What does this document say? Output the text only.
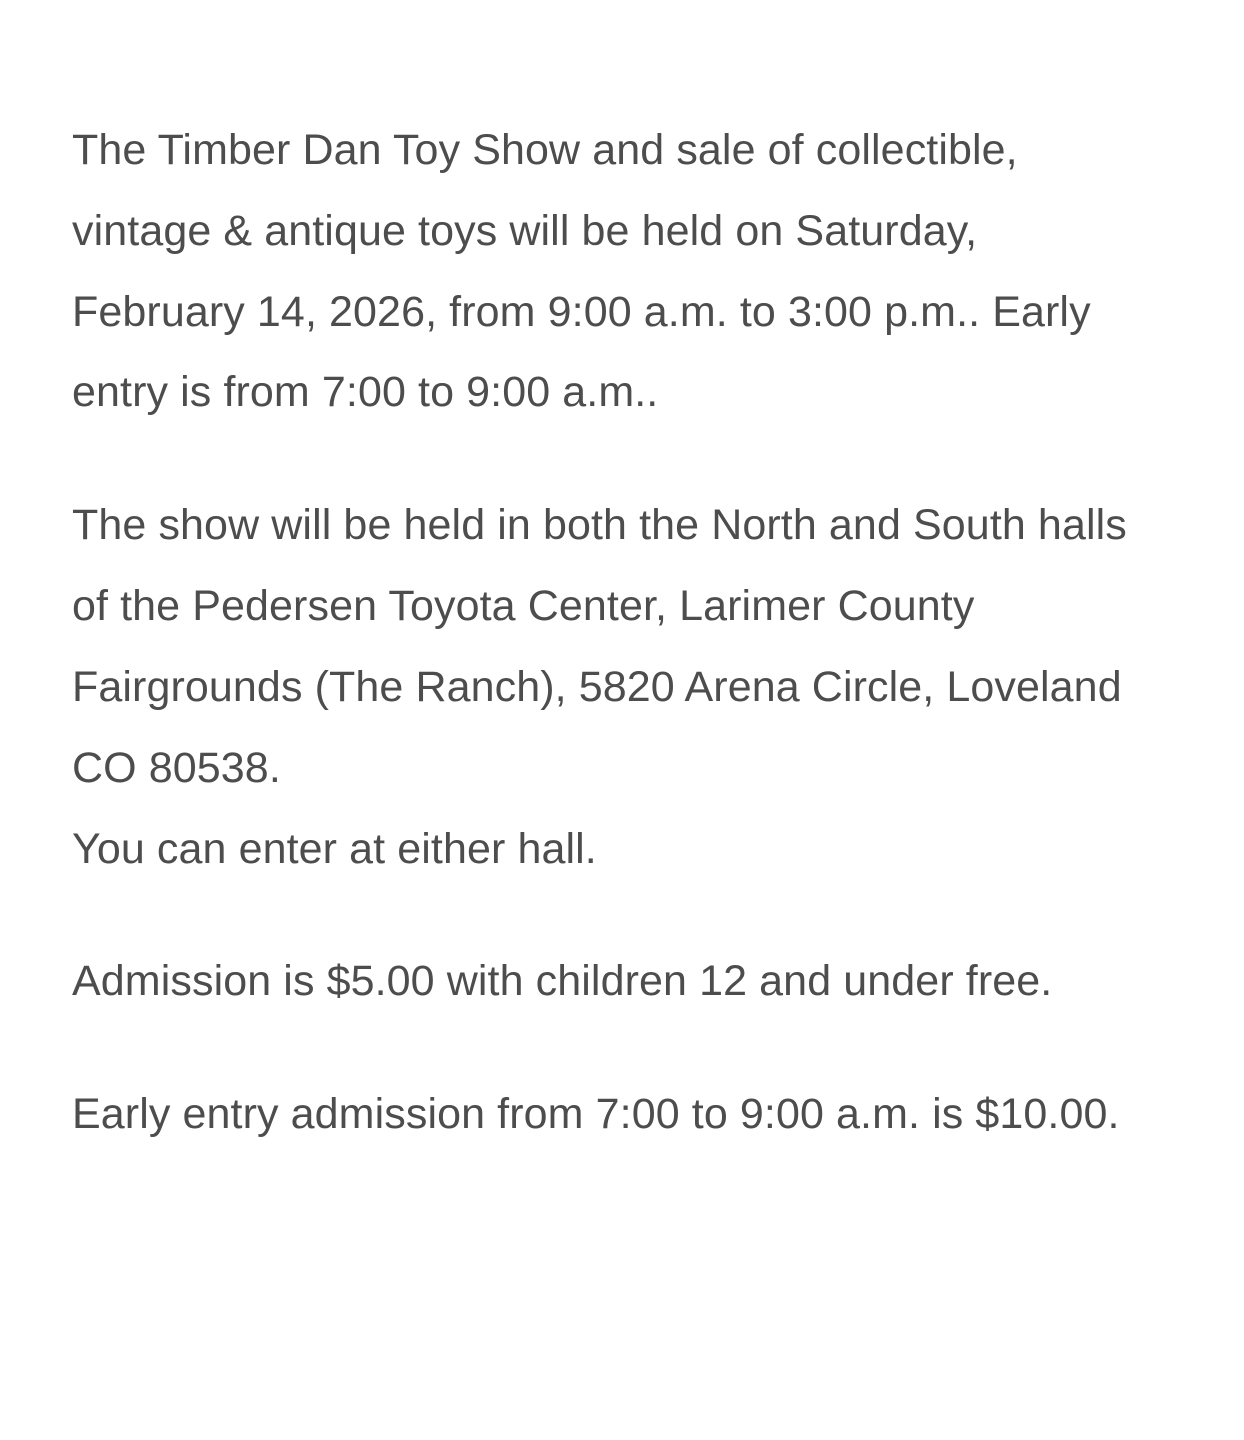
The Timber Dan Toy Show and sale of collectible, vintage & antique toys will be held on Saturday, February 14, 2026, from 9:00 a.m. to 3:00 p.m.. Early entry is from 7:00 to 9:00 a.m..

The show will be held in both the North and South halls of the Pedersen Toyota Center, Larimer County Fairgrounds (The Ranch), 5820 Arena Circle, Loveland CO 80538.
You can enter at either hall.

Admission is $5.00 with children 12 and under free.

Early entry admission from 7:00 to 9:00 a.m. is $10.00.
